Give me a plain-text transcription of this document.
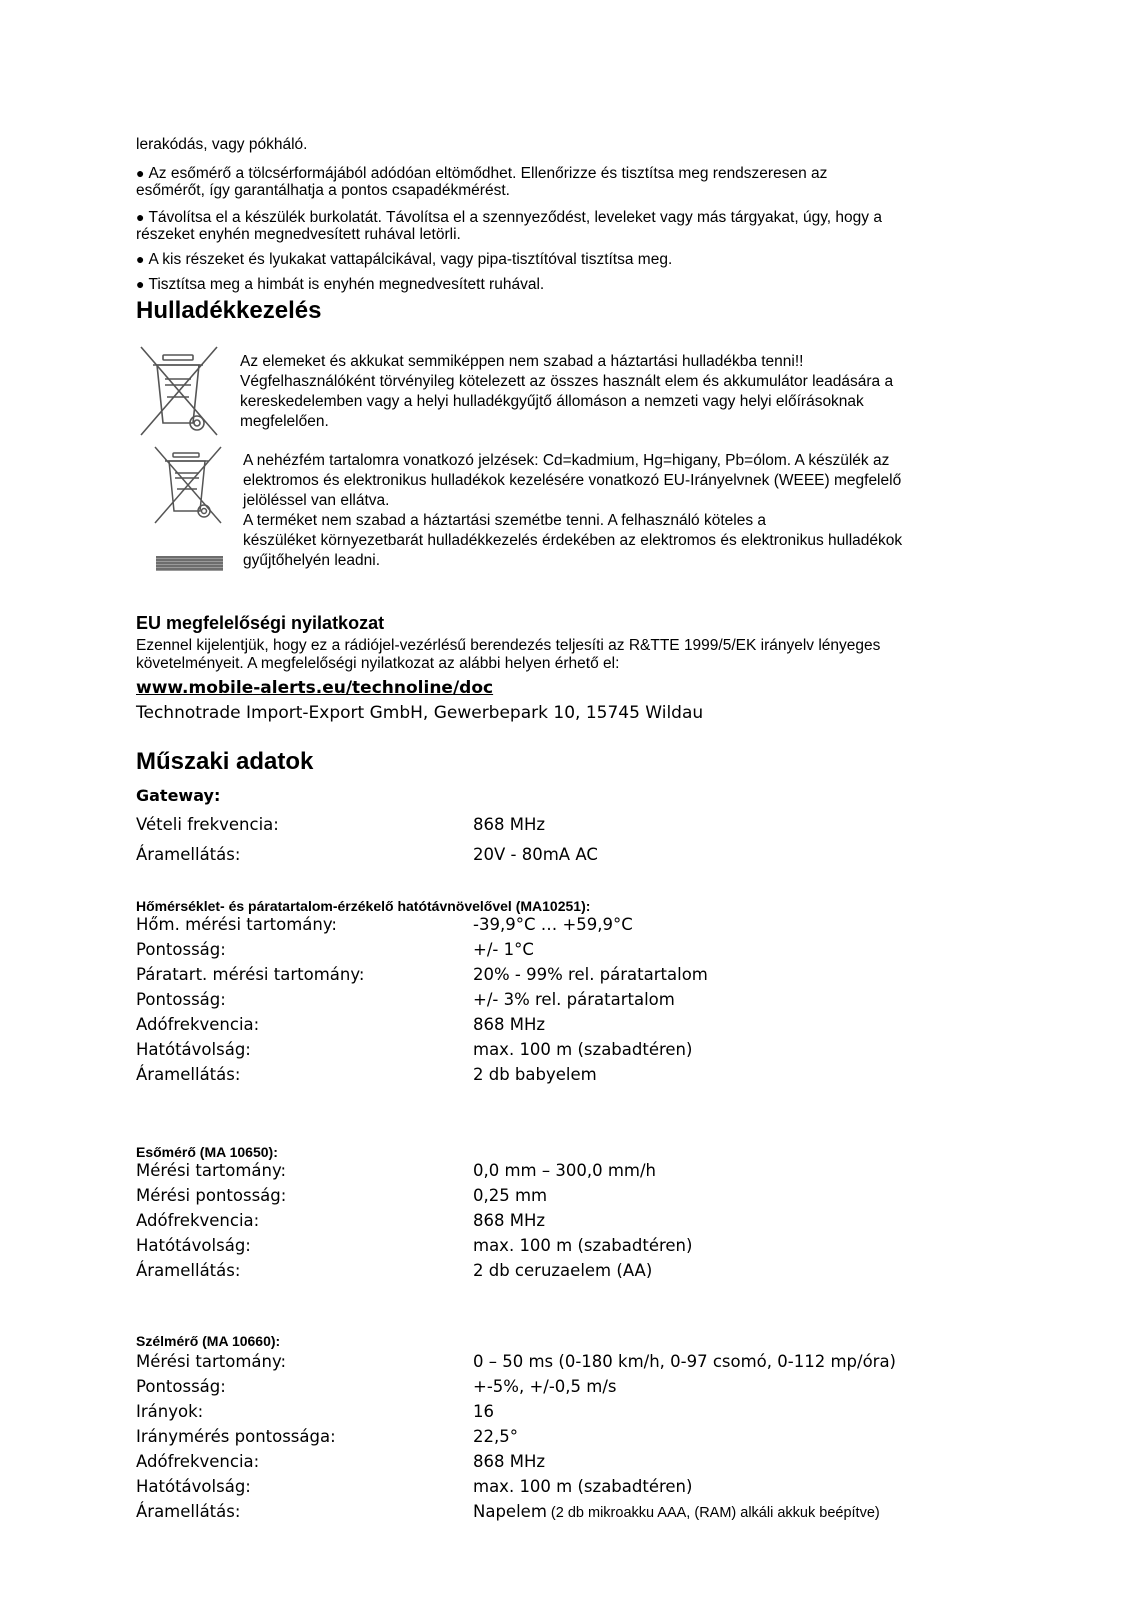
lerakódás, vagy pókháló.
● Az esőmérő a tölcsérformájából adódóan eltömődhet. Ellenőrizze és tisztítsa meg rendszeresen az
esőmérőt, így garantálhatja a pontos csapadékmérést.
● Távolítsa el a készülék burkolatát. Távolítsa el a szennyeződést, leveleket vagy más tárgyakat, úgy, hogy a
részeket enyhén megnedvesített ruhával letörli.
● A kis részeket és lyukakat vattapálcikával, vagy pipa-tisztítóval tisztítsa meg.
● Tisztítsa meg a himbát is enyhén megnedvesített ruhával.
Hulladékkezelés
Az elemeket és akkukat semmiképpen nem szabad a háztartási hulladékba tenni!!
Végfelhasználóként törvényileg kötelezett az összes használt elem és akkumulátor leadására a
kereskedelemben vagy a helyi hulladékgyűjtő állomáson a nemzeti vagy helyi előírásoknak
megfelelően.
A nehézfém tartalomra vonatkozó jelzések: Cd=kadmium, Hg=higany, Pb=ólom. A készülék az
elektromos és elektronikus hulladékok kezelésére vonatkozó EU-Irányelvnek (WEEE) megfelelő
jelöléssel van ellátva.
A terméket nem szabad a háztartási szemétbe tenni. A felhasználó köteles a
készüléket környezetbarát hulladékkezelés érdekében az elektromos és elektronikus hulladékok
gyűjtőhelyén leadni.
EU megfelelőségi nyilatkozat
Ezennel kijelentjük, hogy ez a rádiójel-vezérlésű berendezés teljesíti az R&TTE 1999/5/EK irányelv lényeges
követelményeit. A megfelelőségi nyilatkozat az alábbi helyen érhető el:
www.mobile-alerts.eu/technoline/doc
Technotrade Import-Export GmbH, Gewerbepark 10, 15745 Wildau
Műszaki adatok
Gateway:
Vételi frekvencia:	868 MHz
Áramellátás:	20V - 80mA AC
Hőmérséklet- és páratartalom-érzékelő hatótávnövelővel (MA10251):
Hőm. mérési tartomány:	-39,9°C … +59,9°C
Pontosság:	+/- 1°C
Páratart. mérési tartomány:	20% - 99% rel. páratartalom
Pontosság:	+/- 3% rel. páratartalom
Adófrekvencia:	868 MHz
Hatótávolság:	max. 100 m (szabadtéren)
Áramellátás:	2 db babyelem
Esőmérő (MA 10650):
Mérési tartomány:	0,0 mm – 300,0 mm/h
Mérési pontosság:	0,25 mm
Adófrekvencia:	868 MHz
Hatótávolság:	max. 100 m (szabadtéren)
Áramellátás:	2 db ceruzaelem (AA)
Szélmérő (MA 10660):
Mérési tartomány:	0 – 50 ms (0-180 km/h, 0-97 csomó, 0-112 mp/óra)
Pontosság:	+-5%, +/-0,5 m/s
Irányok:	16
Iránymérés pontossága:	22,5°
Adófrekvencia:	868 MHz
Hatótávolság:	max. 100 m (szabadtéren)
Áramellátás:	Napelem (2 db mikroakku AAA, (RAM) alkáli akkuk beépítve)
